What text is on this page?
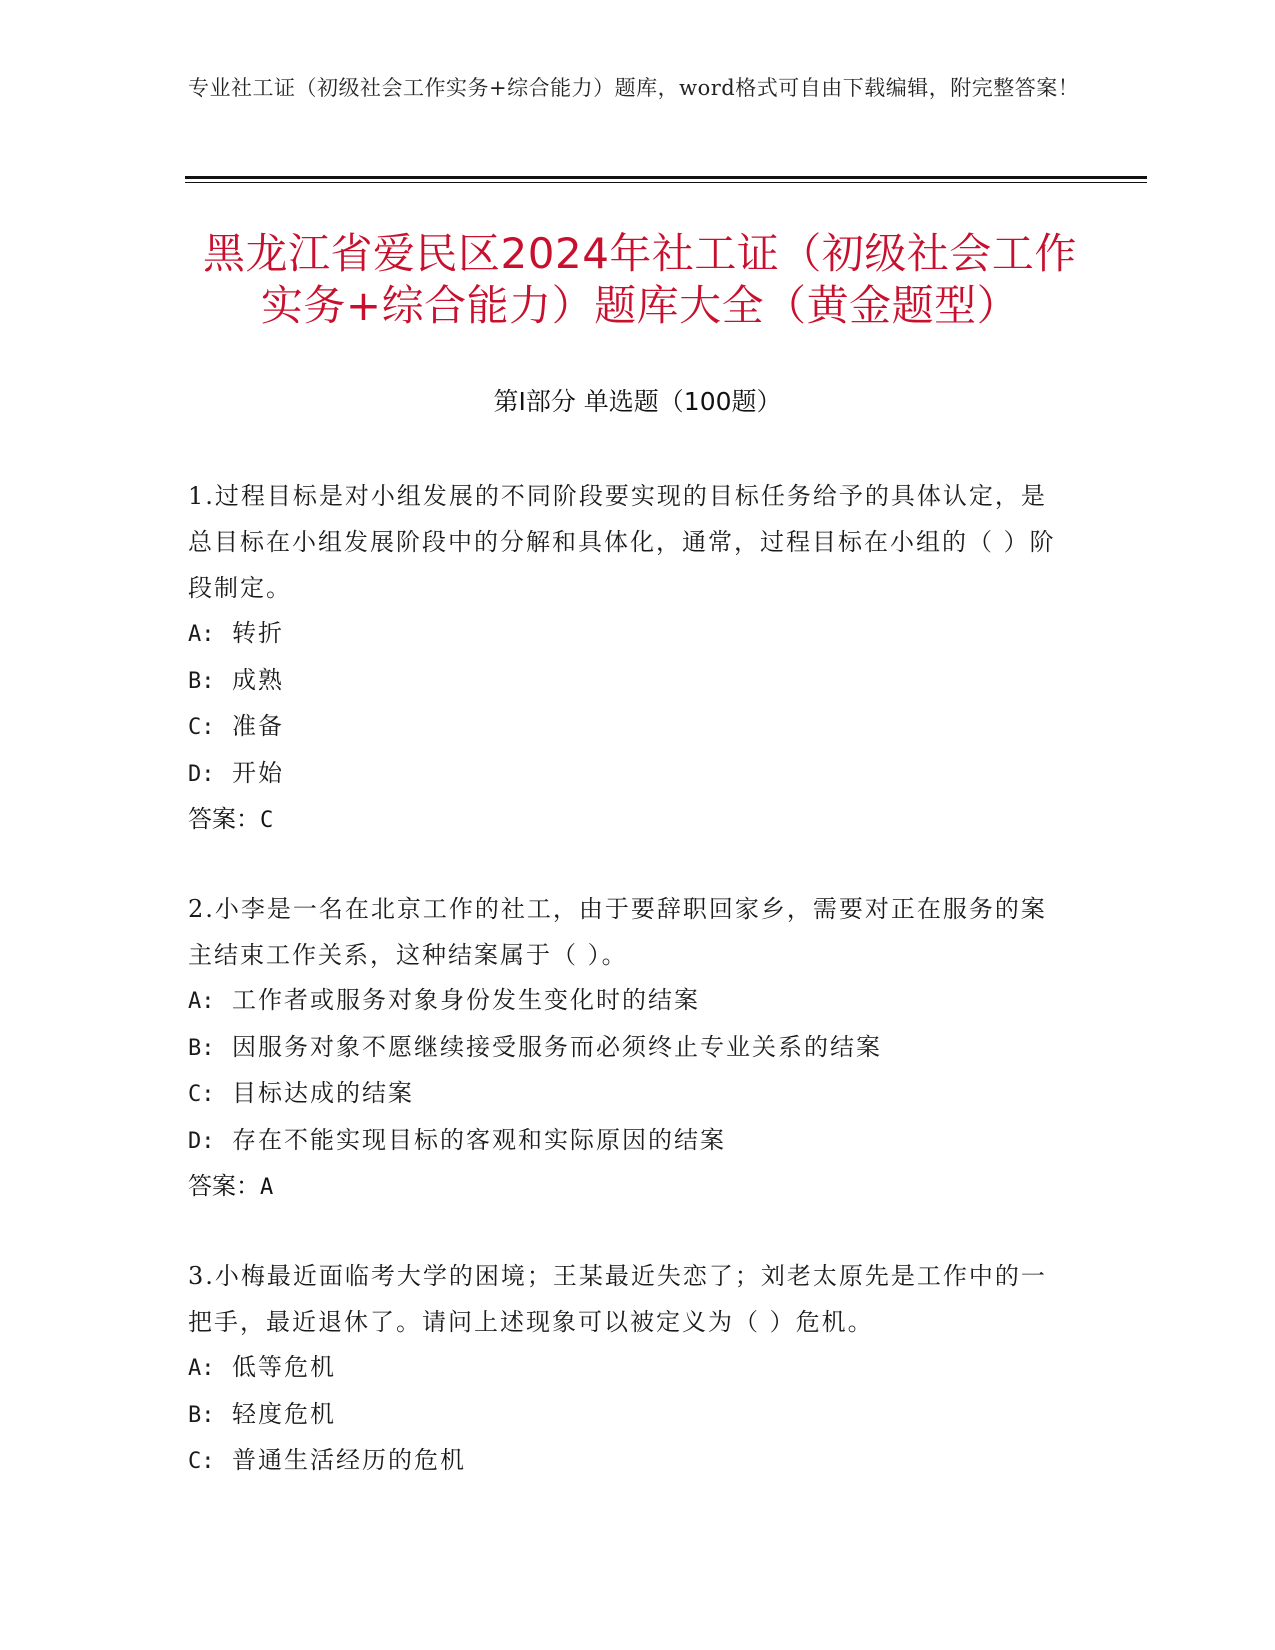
专业社工证（初级社会工作实务+综合能力）题库，word格式可自由下载编辑，附完整答案！
黑龙江省爱民区2024年社工证（初级社会工作实务+综合能力）题库大全（黄金题型）
第Ⅰ部分 单选题（100题）
1.过程目标是对小组发展的不同阶段要实现的目标任务给予的具体认定，是总目标在小组发展阶段中的分解和具体化，通常，过程目标在小组的（ ）阶段制定。
A: 转折
B: 成熟
C: 准备
D: 开始
答案：C
2.小李是一名在北京工作的社工，由于要辞职回家乡，需要对正在服务的案主结束工作关系，这种结案属于（ ）。
A: 工作者或服务对象身份发生变化时的结案
B: 因服务对象不愿继续接受服务而必须终止专业关系的结案
C: 目标达成的结案
D: 存在不能实现目标的客观和实际原因的结案
答案：A
3.小梅最近面临考大学的困境；王某最近失恋了；刘老太原先是工作中的一把手，最近退休了。请问上述现象可以被定义为（ ）危机。
A: 低等危机
B: 轻度危机
C: 普通生活经历的危机
